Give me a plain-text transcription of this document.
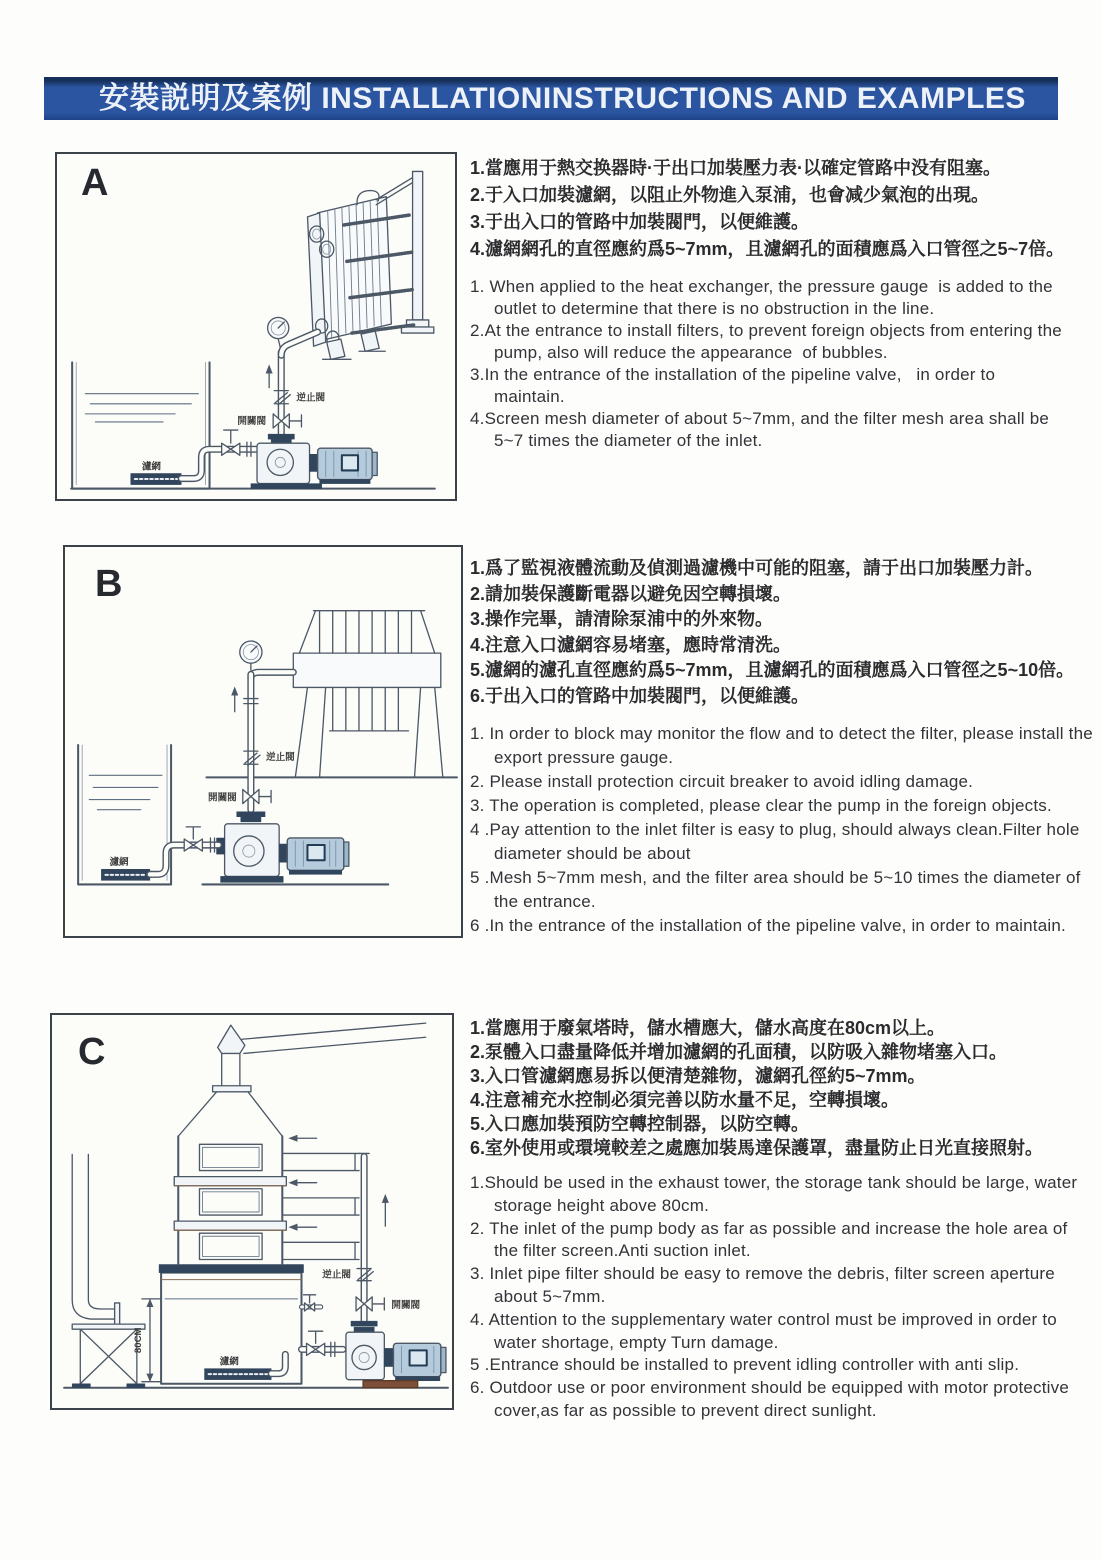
安裝説明及案例 INSTALLATIONINSTRUCTIONS AND EXAMPLES
A
逆止閥
開關閥
濾網
1.當應用于熱交换器時·于出口加裝壓力表·以確定管路中没有阻塞。
2.于入口加裝濾網，以阻止外物進入泵浦，也會减少氣泡的出現。
3.于出入口的管路中加裝閥門，以便維護。
4.濾網網孔的直徑應約爲5~7mm，且濾網孔的面積應爲入口管徑之5~7倍。
1. When applied to the heat exchanger, the pressure gauge  is added to the outlet to determine that there is no obstruction in the line.
2.At the entrance to install filters, to prevent foreign objects from entering the pump, also will reduce the appearance  of bubbles.
3.In the entrance of the installation of the pipeline valve,   in order to maintain.
4.Screen mesh diameter of about 5~7mm, and the filter mesh area shall be 5~7 times the diameter of the inlet.
B
逆止閥
開關閥
濾網
1.爲了監視液體流動及偵測過濾機中可能的阻塞，請于出口加裝壓力計。
2.請加裝保護斷電器以避免因空轉損壞。
3.操作完畢，請清除泵浦中的外來物。
4.注意入口濾網容易堵塞，應時常清洗。
5.濾網的濾孔直徑應約爲5~7mm，且濾網孔的面積應爲入口管徑之5~10倍。
6.于出入口的管路中加裝閥門，以便維護。
1. In order to block may monitor the flow and to detect the filter, please install the export pressure gauge.
2. Please install protection circuit breaker to avoid idling damage.
3. The operation is completed, please clear the pump in the foreign objects.
4 .Pay attention to the inlet filter is easy to plug, should always clean.Filter hole diameter should be about
5 .Mesh 5~7mm mesh, and the filter area should be 5~10 times the diameter of the entrance.
6 .In the entrance of the installation of the pipeline valve, in order to maintain.
C
逆止閥
開關閥
濾網
80CM
1.當應用于廢氣塔時，儲水槽應大，儲水高度在80cm以上。
2.泵體入口盡量降低并增加濾網的孔面積，以防吸入雜物堵塞入口。
3.入口管濾網應易拆以便清楚雜物，濾網孔徑約5~7mm。
4.注意補充水控制必須完善以防水量不足，空轉損壞。
5.入口應加裝預防空轉控制器，以防空轉。
6.室外使用或環境較差之處應加裝馬達保護罩，盡量防止日光直接照射。
1.Should be used in the exhaust tower, the storage tank should be large, water storage height above 80cm.
2. The inlet of the pump body as far as possible and increase the hole area of the filter screen.Anti suction inlet.
3. Inlet pipe filter should be easy to remove the debris, filter screen aperture about 5~7mm.
4. Attention to the supplementary water control must be improved in order to water shortage, empty Turn damage.
5 .Entrance should be installed to prevent idling controller with anti slip.
6. Outdoor use or poor environment should be equipped with motor protective cover,as far as possible to prevent direct sunlight.
